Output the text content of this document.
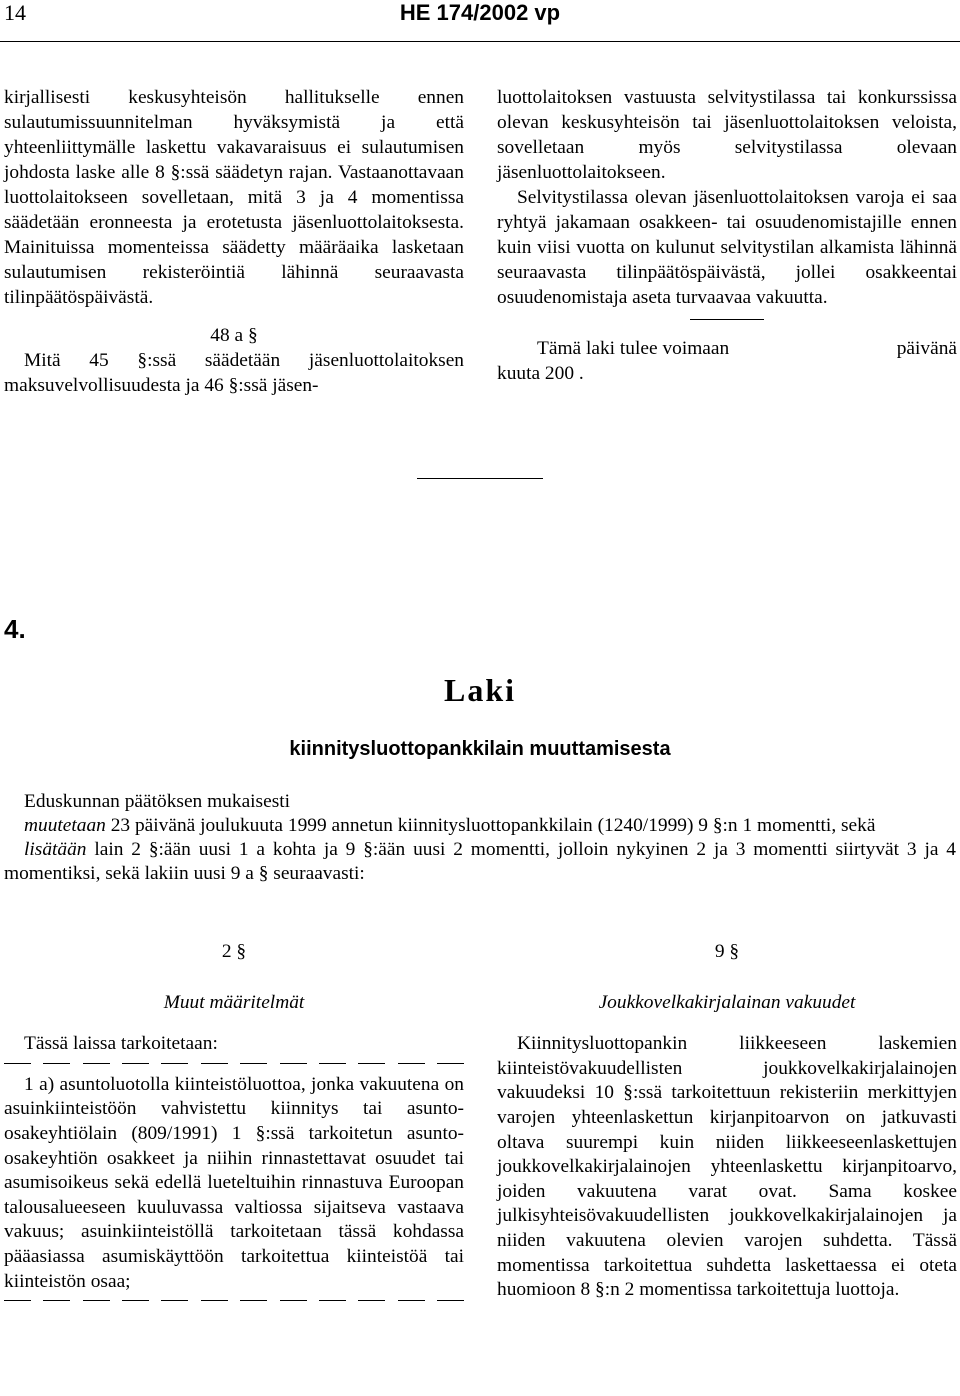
14	HE 174/2002 vp

kirjallisesti keskusyhteisön hallitukselle ennen sulautumissuunnitelman hyväksymistä ja että yhteenliittymälle laskettu vakavaraisuus ei sulautumisen johdosta laske alle 8 §:ssä säädetyn rajan. Vastaanottavaan luottolaitokseen sovelletaan, mitä 3 ja 4 momentissa säädetään eronneesta ja erotetusta jäsenluottolaitoksesta. Mainituissa momenteissa säädetty määräaika lasketaan sulautumisen rekisteröintiä lähinnä seuraavasta tilinpäätöspäivästä.

48 a §

Mitä 45 §:ssä säädetään jäsenluottolaitoksen maksuvelvollisuudesta ja 46 §:ssä jäsen-

luottolaitoksen vastuusta selvitystilassa tai konkurssissa olevan keskusyhteisön tai jäsenluottolaitoksen veloista, sovelletaan myös selvitystilassa olevaan jäsenluottolaitokseen.

Selvitystilassa olevan jäsenluottolaitoksen varoja ei saa ryhtyä jakamaan osakkeen- tai osuudenomistajille ennen kuin viisi vuotta on kulunut selvitystilan alkamista lähinnä seuraavasta tilinpäätöspäivästä, jollei osakkeentai osuudenomistaja aseta turvaavaa vakuutta.

Tämä laki tulee voimaan	päivänä

kuuta 200 .

4.
Laki
kiinnitysluottopankkilain muuttamisesta

Eduskunnan päätöksen mukaisesti

muutetaan 23 päivänä joulukuuta 1999 annetun kiinnitysluottopankkilain (1240/1999) 9 §:n 1 momentti, sekä

lisätään lain 2 §:ään uusi 1 a kohta ja 9 §:ään uusi 2 momentti, jolloin nykyinen 2 ja 3 momentti siirtyvät 3 ja 4 momentiksi, sekä lakiin uusi 9 a § seuraavasti:

2 §

Muut määritelmät

Tässä laissa tarkoitetaan:

1 a) asuntoluotolla kiinteistöluottoa, jonka vakuutena on asuinkiinteistöön vahvistettu kiinnitys tai asunto-osakeyhtiölain (809/1991) 1 §:ssä tarkoitetun asunto-osakeyhtiön osakkeet ja niihin rinnastettavat osuudet tai asumisoikeus sekä edellä lueteltuihin rinnastuva Euroopan talousalueeseen kuuluvassa valtiossa sijaitseva vastaava vakuus; asuinkiinteistöllä tarkoitetaan tässä kohdassa pääasiassa asumiskäyttöön tarkoitettua kiinteistöä tai kiinteistön osaa;

9 §

Joukkovelkakirjalainan vakuudet

Kiinnitysluottopankin liikkeeseen laskemien kiinteistövakuudellisten joukkovelkakirjalainojen vakuudeksi 10 §:ssä tarkoitettuun rekisteriin merkittyjen varojen yhteenlaskettun kirjanpitoarvon on jatkuvasti oltava suurempi kuin niiden liikkeeseenlaskettujen joukkovelkakirjalainojen yhteenlaskettu kirjanpitoarvo, joiden vakuutena varat ovat. Sama koskee julkisyhteisövakuudellisten joukkovelkakirjalainojen ja niiden vakuutena olevien varojen suhdetta. Tässä momentissa tarkoitettua suhdetta laskettaessa ei oteta huomioon 8 §:n 2 momentissa tarkoitettuja luottoja.
